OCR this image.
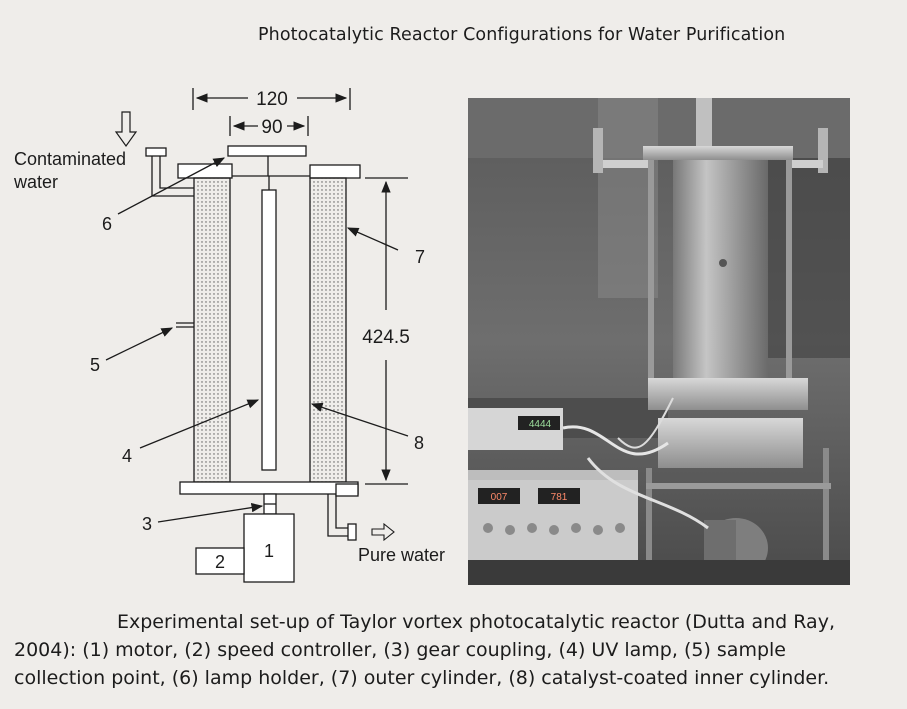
Photocatalytic Reactor Configurations for Water Purification
120
90
424.5
Contaminated
water
Pure water
6
7
5
4
8
3
1
2
4444
007	781
Experimental set-up of Taylor vortex photocatalytic reactor (Dutta and Ray,
2004): (1) motor, (2) speed controller, (3) gear coupling, (4) UV lamp, (5) sample
collection point, (6) lamp holder, (7) outer cylinder, (8) catalyst-coated inner cylinder.
